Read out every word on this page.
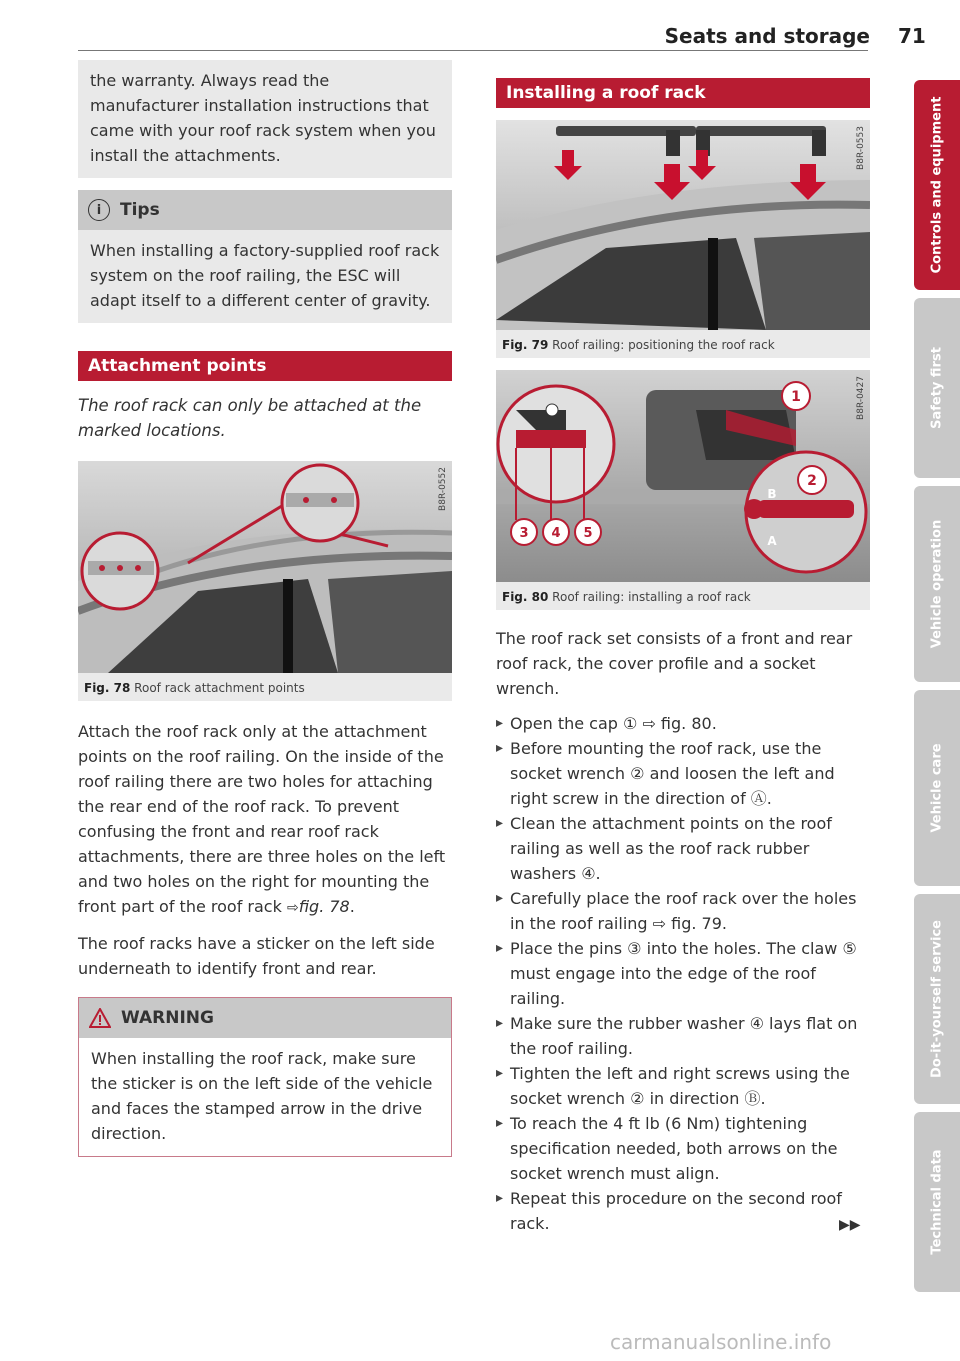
Seats and storage 71
the warranty. Always read the manufacturer installation instructions that came with your roof rack system when you install the attachments.
i	Tips
When installing a factory-supplied roof rack system on the roof railing, the ESC will adapt itself to a different center of gravity.
Attachment points
The roof rack can only be attached at the marked locations.
B8R-0552
Fig. 78 Roof rack attachment points

Attach the roof rack only at the attachment points on the roof railing. On the inside of the roof railing there are two holes for attaching the rear end of the roof rack. To prevent confusing the front and rear roof rack attachments, there are three holes on the left and two holes on the right for mounting the front part of the roof rack ⇨fig. 78.

The roof racks have a sticker on the left side underneath to identify front and rear.

WARNING
When installing the roof rack, make sure the sticker is on the left side of the vehicle and faces the stamped arrow in the drive direction.
Installing a roof rack
B8R-0553
Fig. 79 Roof railing: positioning the roof rack
1
2
3 4 5	A
B
B8R-0427
Fig. 80 Roof railing: installing a roof rack

The roof rack set consists of a front and rear roof rack, the cover profile and a socket wrench.

▸ Open the cap ① ⇨ fig. 80.
▸ Before mounting the roof rack, use the socket wrench ② and loosen the left and right screw in the direction of Ⓐ.
▸ Clean the attachment points on the roof railing as well as the roof rack rubber washers ④.
▸ Carefully place the roof rack over the holes in the roof railing ⇨ fig. 79.
▸ Place the pins ③ into the holes. The claw ⑤ must engage into the edge of the roof railing.
▸ Make sure the rubber washer ④ lays flat on the roof railing.
▸ Tighten the left and right screws using the socket wrench ② in direction Ⓑ.
▸ To reach the 4 ft lb (6 Nm) tightening specification needed, both arrows on the socket wrench must align.
▸ Repeat this procedure on the second roof rack.	▶▶
Controls and equipment
Safety first
Vehicle operation
Vehicle care
Do-it-yourself service
Technical data
carmanualsonline.info
